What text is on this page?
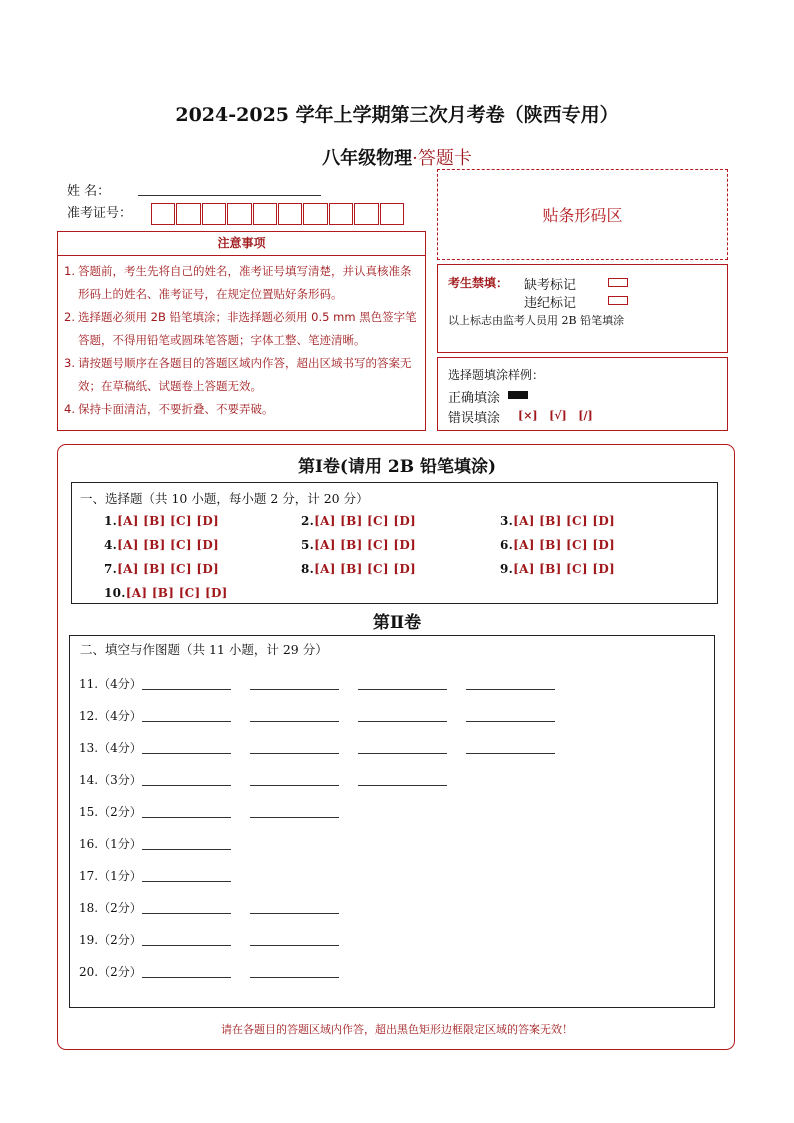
2024-2025 学年上学期第三次月考卷（陕西专用）
八年级物理·答题卡
姓 名：
准考证号：	贴条形码区
注意事项
1. 答题前，考生先将自己的姓名，准考证号填写清楚，并认真核准条形码上的姓名、准考证号，在规定位置贴好条形码。
2. 选择题必须用 2B 铅笔填涂；非选择题必须用 0.5 mm 黑色签字笔答题，不得用铅笔或圆珠笔答题；字体工整、笔迹清晰。
3. 请按题号顺序在各题目的答题区域内作答，超出区域书写的答案无效；在草稿纸、试题卷上答题无效。
4. 保持卡面清洁，不要折叠、不要弄破。
考生禁填： 缺考标记
违纪标记
以上标志由监考人员用 2B 铅笔填涂
选择题填涂样例：
正确填涂
错误填涂 [×]   [√]   [/]
第Ⅰ卷(请用 2B 铅笔填涂)
一、选择题（共 10 小题，每小题 2 分，计 20 分）
1.[A] [B] [C] [D]	2.[A] [B] [C] [D]	3.[A] [B] [C] [D]
4.[A] [B] [C] [D]	5.[A] [B] [C] [D]	6.[A] [B] [C] [D]
7.[A] [B] [C] [D]	8.[A] [B] [C] [D]	9.[A] [B] [C] [D]
10.[A] [B] [C] [D]
第Ⅱ卷
二、填空与作图题（共 11 小题，计 29 分）
11.（4分）
12.（4分）
13.（4分）
14.（3分）
15.（2分）
16.（1分）
17.（1分）
18.（2分）
19.（2分）
20.（2分）
请在各题目的答题区域内作答，超出黑色矩形边框限定区域的答案无效！
